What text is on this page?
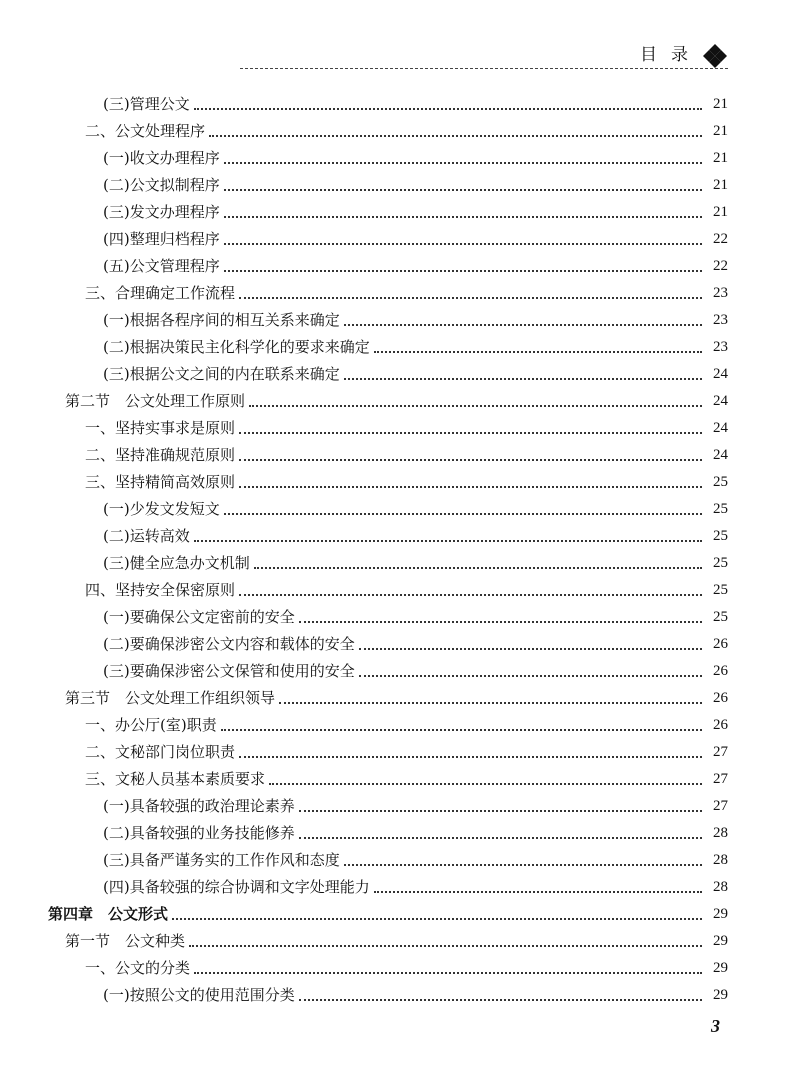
目录
(三)管理公文	21
二、公文处理程序	21
(一)收文办理程序	21
(二)公文拟制程序	21
(三)发文办理程序	21
(四)整理归档程序	22
(五)公文管理程序	22
三、合理确定工作流程	23
(一)根据各程序间的相互关系来确定	23
(二)根据决策民主化科学化的要求来确定	23
(三)根据公文之间的内在联系来确定	24
第二节　公文处理工作原则	24
一、坚持实事求是原则	24
二、坚持准确规范原则	24
三、坚持精简高效原则	25
(一)少发文发短文	25
(二)运转高效	25
(三)健全应急办文机制	25
四、坚持安全保密原则	25
(一)要确保公文定密前的安全	25
(二)要确保涉密公文内容和载体的安全	26
(三)要确保涉密公文保管和使用的安全	26
第三节　公文处理工作组织领导	26
一、办公厅(室)职责	26
二、文秘部门岗位职责	27
三、文秘人员基本素质要求	27
(一)具备较强的政治理论素养	27
(二)具备较强的业务技能修养	28
(三)具备严谨务实的工作作风和态度	28
(四)具备较强的综合协调和文字处理能力	28
第四章　公文形式	29
第一节　公文种类	29
一、公文的分类	29
(一)按照公文的使用范围分类	29
3
